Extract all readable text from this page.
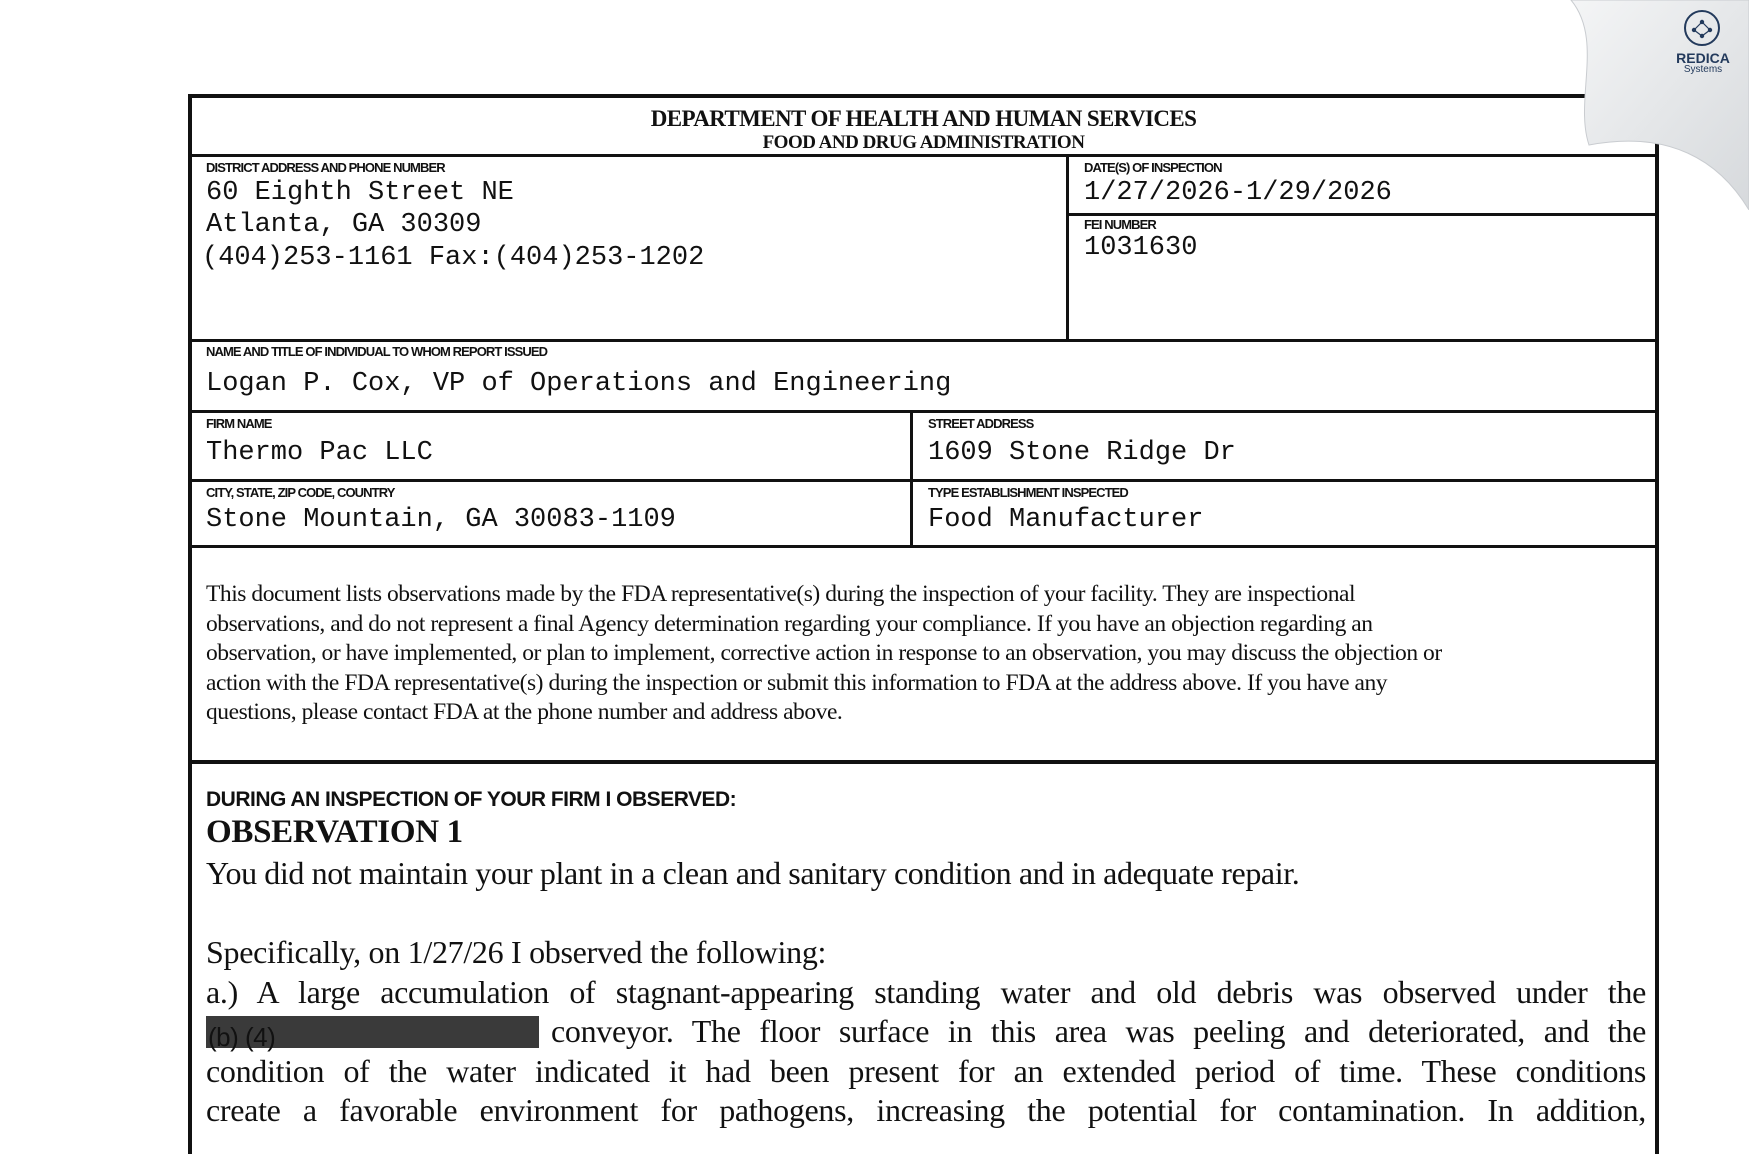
DEPARTMENT OF HEALTH AND HUMAN SERVICES
FOOD AND DRUG ADMINISTRATION
DISTRICT ADDRESS AND PHONE NUMBER
60 Eighth Street NE
Atlanta, GA 30309
(404)253-1161 Fax:(404)253-1202
DATE(S) OF INSPECTION
1/27/2026-1/29/2026
FEI NUMBER
1031630
NAME AND TITLE OF INDIVIDUAL TO WHOM REPORT ISSUED
Logan P. Cox, VP of Operations and Engineering
FIRM NAME
Thermo Pac LLC
STREET ADDRESS
1609 Stone Ridge Dr
CITY, STATE, ZIP CODE, COUNTRY
Stone Mountain, GA 30083-1109
TYPE ESTABLISHMENT INSPECTED
Food Manufacturer
This document lists observations made by the FDA representative(s) during the inspection of your facility. They are inspectional
observations, and do not represent a final Agency determination regarding your compliance. If you have an objection regarding an
observation, or have implemented, or plan to implement, corrective action in response to an observation, you may discuss the objection or
action with the FDA representative(s) during the inspection or submit this information to FDA at the address above. If you have any
questions, please contact FDA at the phone number and address above.
DURING AN INSPECTION OF YOUR FIRM I OBSERVED:
OBSERVATION 1
You did not maintain your plant in a clean and sanitary condition and in adequate repair.
Specifically, on 1/27/26 I observed the following:
a.) A large accumulation of stagnant-appearing standing water and old debris was observed under the
(b) (4)	conveyor. The floor surface in this area was peeling and deteriorated, and the
condition of the water indicated it had been present for an extended period of time. These conditions
create a favorable environment for pathogens, increasing the potential for contamination. In addition,
REDICA
Systems
